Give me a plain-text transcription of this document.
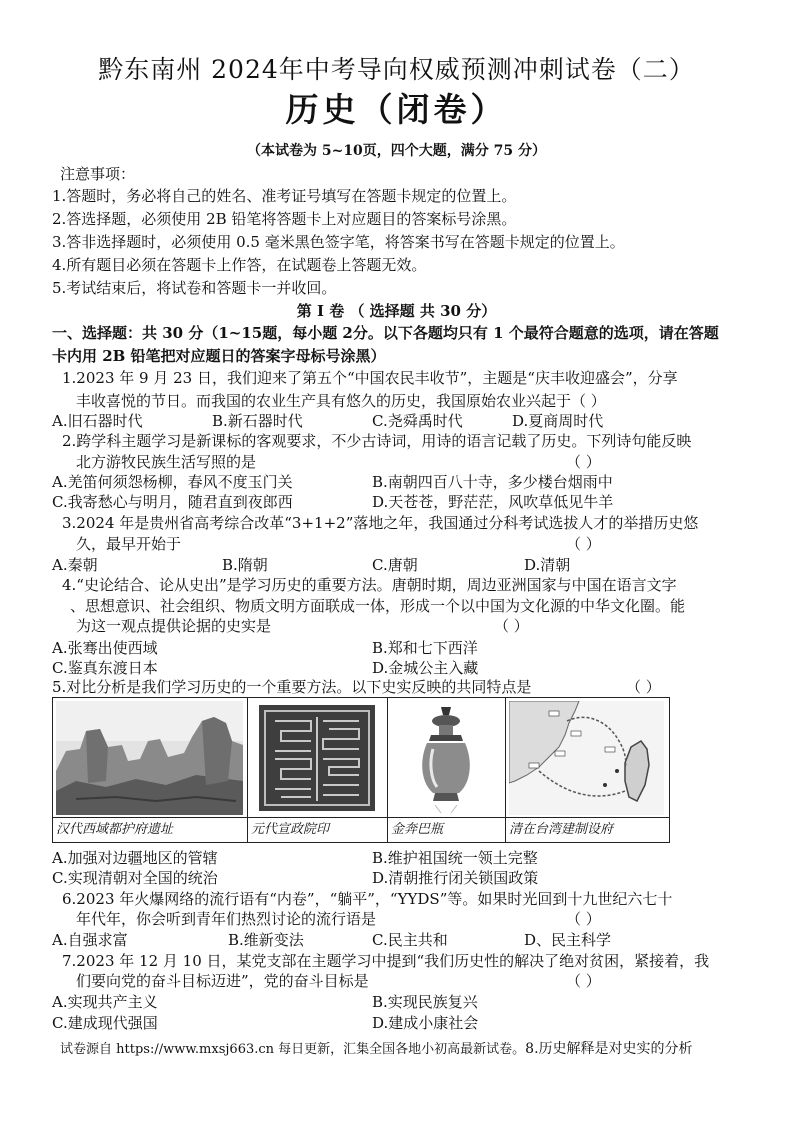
黔东南州 2024年中考导向权威预测冲刺试卷（二）
历史（闭卷）
（本试卷为 5~10页，四个大题，满分 75 分）
注意事项：
1.答题时，务必将自己的姓名、准考证号填写在答题卡规定的位置上。
2.答选择题，必须使用 2B 铅笔将答题卡上对应题目的答案标号涂黑。
3.答非选择题时，必须使用 0.5 毫米黑色签字笔，将答案书写在答题卡规定的位置上。
4.所有题目必须在答题卡上作答，在试题卷上答题无效。
5.考试结束后，将试卷和答题卡一并收回。
第 Ⅰ 卷 （ 选择题 共 30 分）
一、选择题：共 30 分（1~15题，每小题 2分。以下各题均只有 1 个最符合题意的选项，请在答题
卡内用 2B 铅笔把对应题日的答案字母标号涂黑）
1.2023 年 9 月 23 日，我们迎来了第五个“中国农民丰收节”，主题是“庆丰收迎盛会”，分享
丰收喜悦的节日。而我国的农业生产具有悠久的历史，我国原始农业兴起于（ ）
A.旧石器时代	B.新石器时代	C.尧舜禹时代	D.夏商周时代
2.跨学科主题学习是新课标的客观要求，不少古诗词，用诗的语言记载了历史。下列诗句能反映
北方游牧民族生活写照的是	（ ）
A.羌笛何须怨杨柳，春风不度玉门关	B.南朝四百八十寺，多少楼台烟雨中
C.我寄愁心与明月，随君直到夜郎西	D.天苍苍，野茫茫，风吹草低见牛羊
3.2024 年是贵州省高考综合改革“3+1+2”落地之年，我国通过分科考试选拔人才的举措历史悠
久，最早开始于	（ ）
A.秦朝	B.隋朝	C.唐朝	D.清朝
4.“史论结合、论从史出”是学习历史的重要方法。唐朝时期，周边亚洲国家与中国在语言文字
、思想意识、社会组织、物质文明方面联成一体，形成一个以中国为文化源的中华文化圈。能
为这一观点提供论据的史实是	（ ）
A.张骞出使西域	B.郑和七下西洋
C.鉴真东渡日本	D.金城公主入藏
5.对比分析是我们学习历史的一个重要方法。以下史实反映的共同特点是	（ ）
汉代西域都护府遗址	元代宣政院印	金奔巴瓶	清在台湾建制设府
A.加强对边疆地区的管辖	B.维护祖国统一领土完整
C.实现清朝对全国的统治	D.清朝推行闭关锁国政策
6.2023 年火爆网络的流行语有“内卷”，“躺平”，“YYDS”等。如果时光回到十九世纪六七十
年代年，你会听到青年们热烈讨论的流行语是	（ ）
A.自强求富	B.维新变法	C.民主共和	D、民主科学
7.2023 年 12 月 10 日，某党支部在主题学习中提到“我们历史性的解决了绝对贫困，紧接着，我
们要向党的奋斗目标迈进”，党的奋斗目标是	（ ）
A.实现共产主义	B.实现民族复兴
C.建成现代强国	D.建成小康社会
试卷源自 https://www.mxsj663.cn 每日更新，汇集全国各地小初高最新试卷。8.历史解释是对史实的分析
